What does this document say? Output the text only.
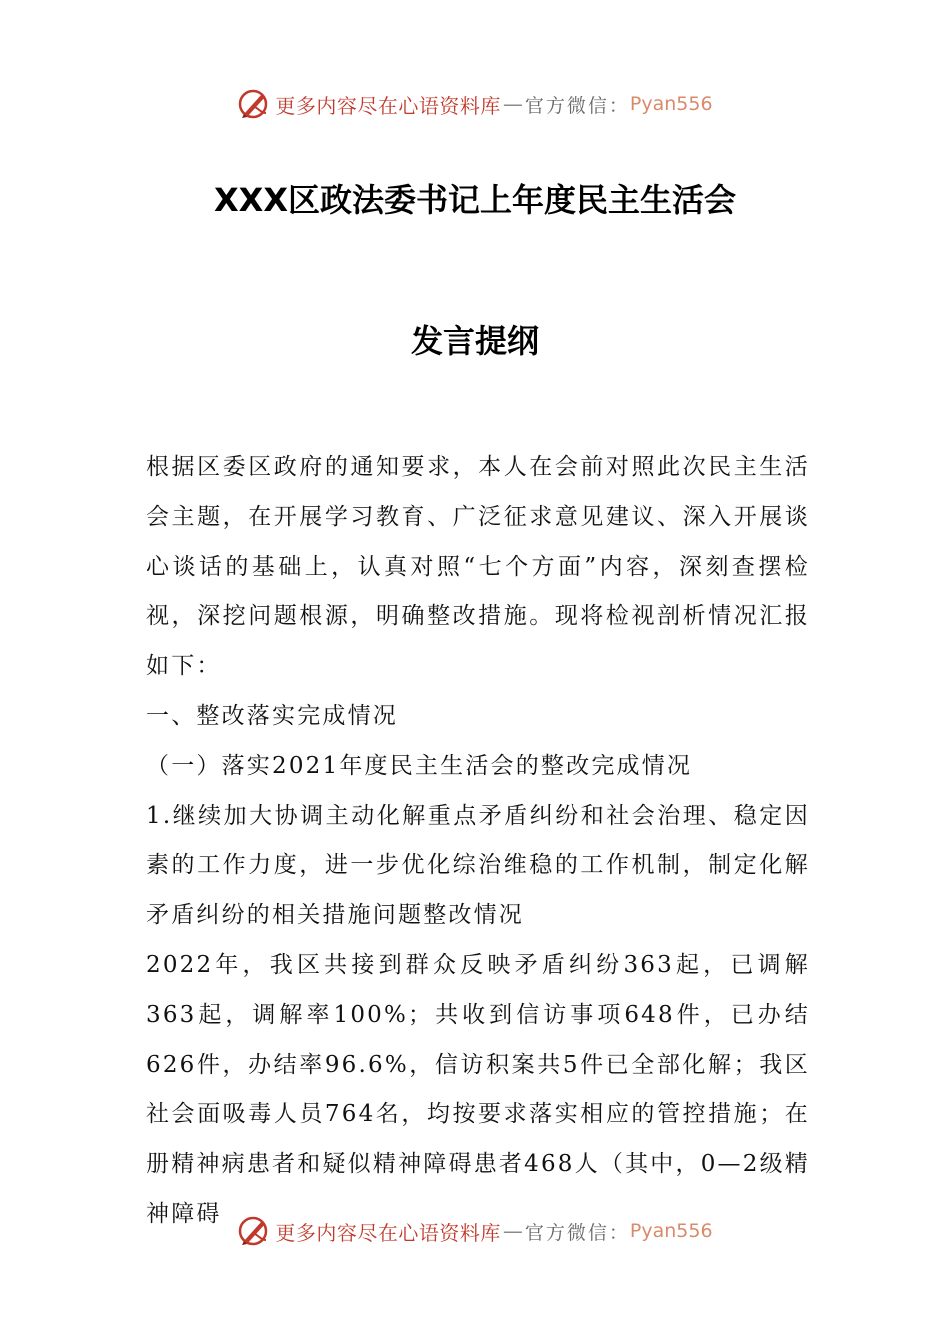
更多内容尽在心语资料库 — 官方微信： Pyan556
XXX区政法委书记上年度民主生活会
发言提纲

根据区委区政府的通知要求，本人在会前对照此次民主生活会主题，在开展学习教育、广泛征求意见建议、深入开展谈心谈话的基础上，认真对照“七个方面”内容，深刻查摆检视，深挖问题根源，明确整改措施。现将检视剖析情况汇报如下：

一、整改落实完成情况

（一）落实2021年度民主生活会的整改完成情况

1.继续加大协调主动化解重点矛盾纠纷和社会治理、稳定因素的工作力度，进一步优化综治维稳的工作机制，制定化解矛盾纠纷的相关措施问题整改情况

2022年，我区共接到群众反映矛盾纠纷363起，已调解363起，调解率100%；共收到信访事项648件，已办结626件，办结率96.6%，信访积案共5件已全部化解；我区社会面吸毒人员764名，均按要求落实相应的管控措施；在册精神病患者和疑似精神障碍患者468人（其中，0—2级精神障碍

更多内容尽在心语资料库 — 官方微信： Pyan556
